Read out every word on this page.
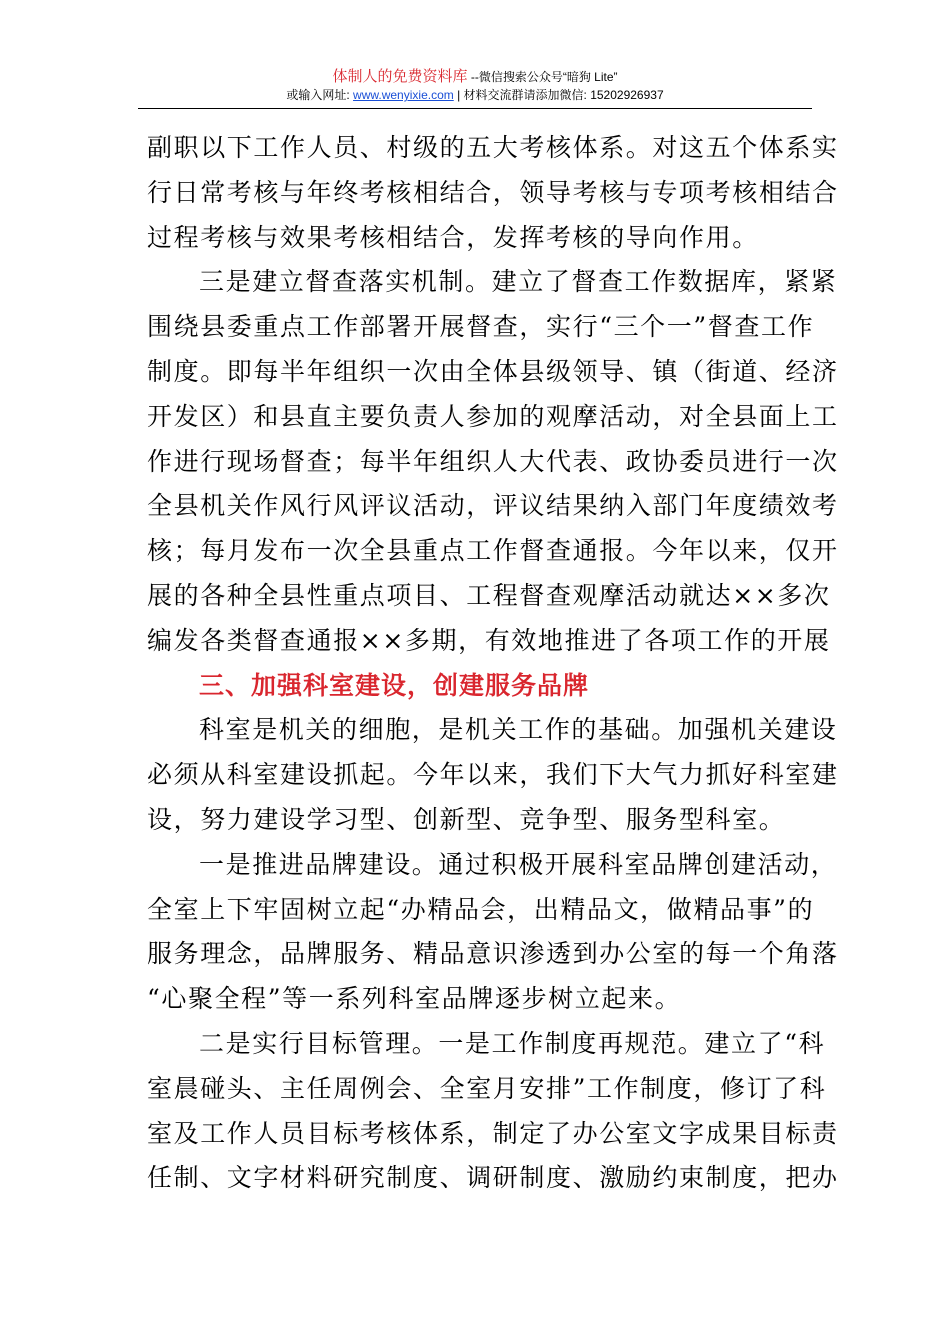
体制人的免费资料库 --微信搜索公众号“暗狗 Lite”
或输入网址: www.wenyixie.com | 材料交流群请添加微信: 15202926937
副职以下工作人员、村级的五大考核体系。对这五个体系实
行日常考核与年终考核相结合，领导考核与专项考核相结合
过程考核与效果考核相结合，发挥考核的导向作用。
三是建立督查落实机制。建立了督查工作数据库，紧紧
围绕县委重点工作部署开展督查，实行“三个一”督查工作
制度。即每半年组织一次由全体县级领导、镇（街道、经济
开发区）和县直主要负责人参加的观摩活动，对全县面上工
作进行现场督查；每半年组织人大代表、政协委员进行一次
全县机关作风行风评议活动，评议结果纳入部门年度绩效考
核；每月发布一次全县重点工作督查通报。今年以来，仅开
展的各种全县性重点项目、工程督查观摩活动就达××多次
编发各类督查通报××多期，有效地推进了各项工作的开展
三、加强科室建设，创建服务品牌
科室是机关的细胞，是机关工作的基础。加强机关建设
必须从科室建设抓起。今年以来，我们下大气力抓好科室建
设，努力建设学习型、创新型、竞争型、服务型科室。
一是推进品牌建设。通过积极开展科室品牌创建活动，
全室上下牢固树立起“办精品会，出精品文，做精品事”的
服务理念，品牌服务、精品意识渗透到办公室的每一个角落
“心聚全程”等一系列科室品牌逐步树立起来。
二是实行目标管理。一是工作制度再规范。建立了“科
室晨碰头、主任周例会、全室月安排”工作制度，修订了科
室及工作人员目标考核体系，制定了办公室文字成果目标责
任制、文字材料研究制度、调研制度、激励约束制度，把办
